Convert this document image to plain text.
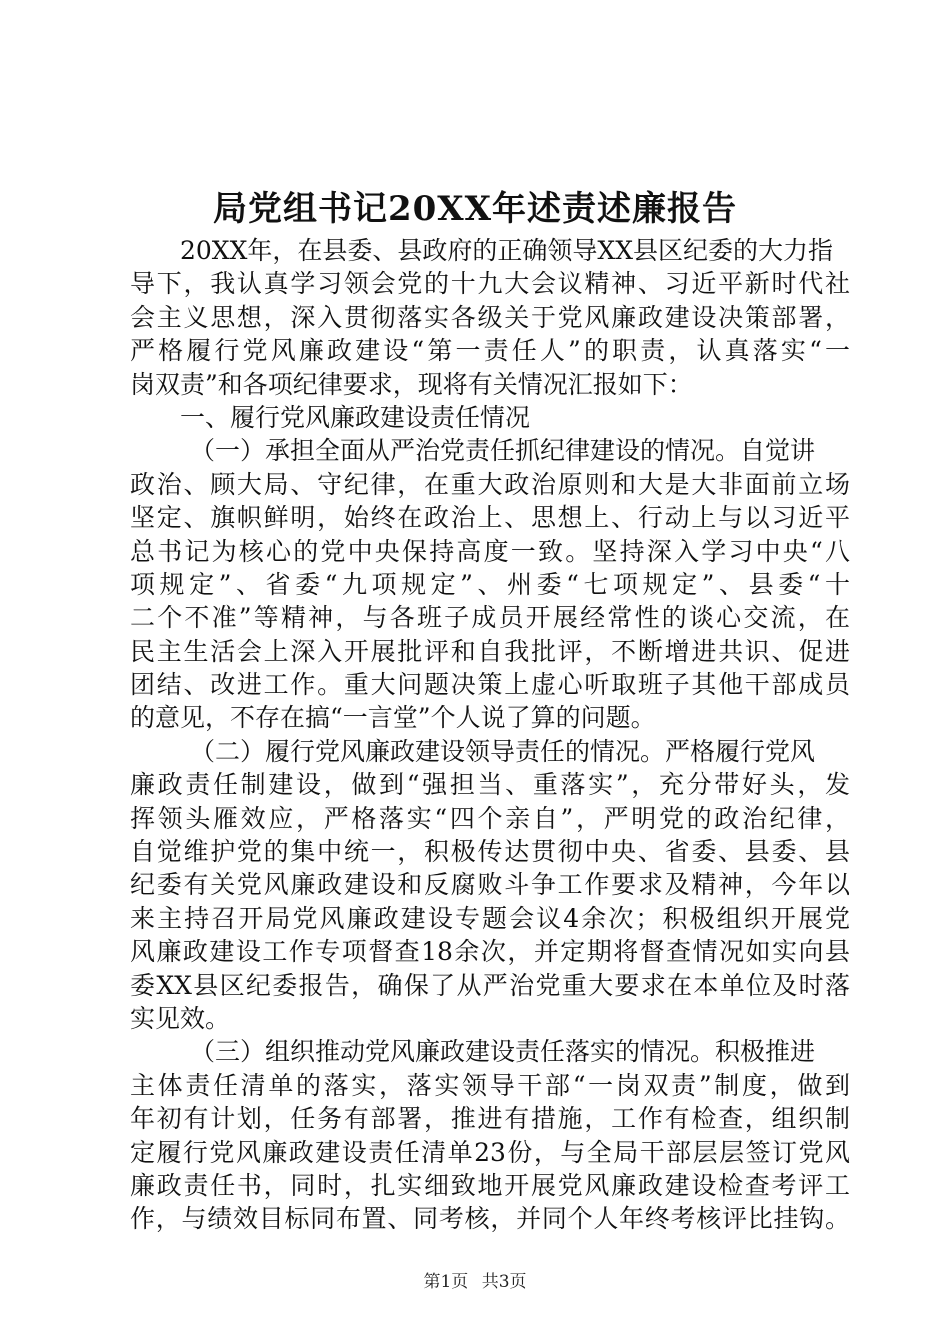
局党组书记20XX年述责述廉报告
20XX年，在县委、县政府的正确领导XX县区纪委的大力指
导下，我认真学习领会党的十九大会议精神、习近平新时代社
会主义思想，深入贯彻落实各级关于党风廉政建设决策部署，
严格履行党风廉政建设“第一责任人”的职责，认真落实“一
岗双责”和各项纪律要求，现将有关情况汇报如下：
一、履行党风廉政建设责任情况
（一）承担全面从严治党责任抓纪律建设的情况。自觉讲
政治、顾大局、守纪律，在重大政治原则和大是大非面前立场
坚定、旗帜鲜明，始终在政治上、思想上、行动上与以习近平
总书记为核心的党中央保持高度一致。坚持深入学习中央“八
项规定”、省委“九项规定”、州委“七项规定”、县委“十
二个不准”等精神，与各班子成员开展经常性的谈心交流，在
民主生活会上深入开展批评和自我批评，不断增进共识、促进
团结、改进工作。重大问题决策上虚心听取班子其他干部成员
的意见，不存在搞“一言堂”个人说了算的问题。
（二）履行党风廉政建设领导责任的情况。严格履行党风
廉政责任制建设，做到“强担当、重落实”，充分带好头，发
挥领头雁效应，严格落实“四个亲自”，严明党的政治纪律，
自觉维护党的集中统一，积极传达贯彻中央、省委、县委、县
纪委有关党风廉政建设和反腐败斗争工作要求及精神，今年以
来主持召开局党风廉政建设专题会议4余次；积极组织开展党
风廉政建设工作专项督查18余次，并定期将督查情况如实向县
委XX县区纪委报告，确保了从严治党重大要求在本单位及时落
实见效。
（三）组织推动党风廉政建设责任落实的情况。积极推进
主体责任清单的落实，落实领导干部“一岗双责”制度，做到
年初有计划，任务有部署，推进有措施，工作有检查，组织制
定履行党风廉政建设责任清单23份，与全局干部层层签订党风
廉政责任书，同时，扎实细致地开展党风廉政建设检查考评工
作，与绩效目标同布置、同考核，并同个人年终考核评比挂钩。
第1页 共3页
